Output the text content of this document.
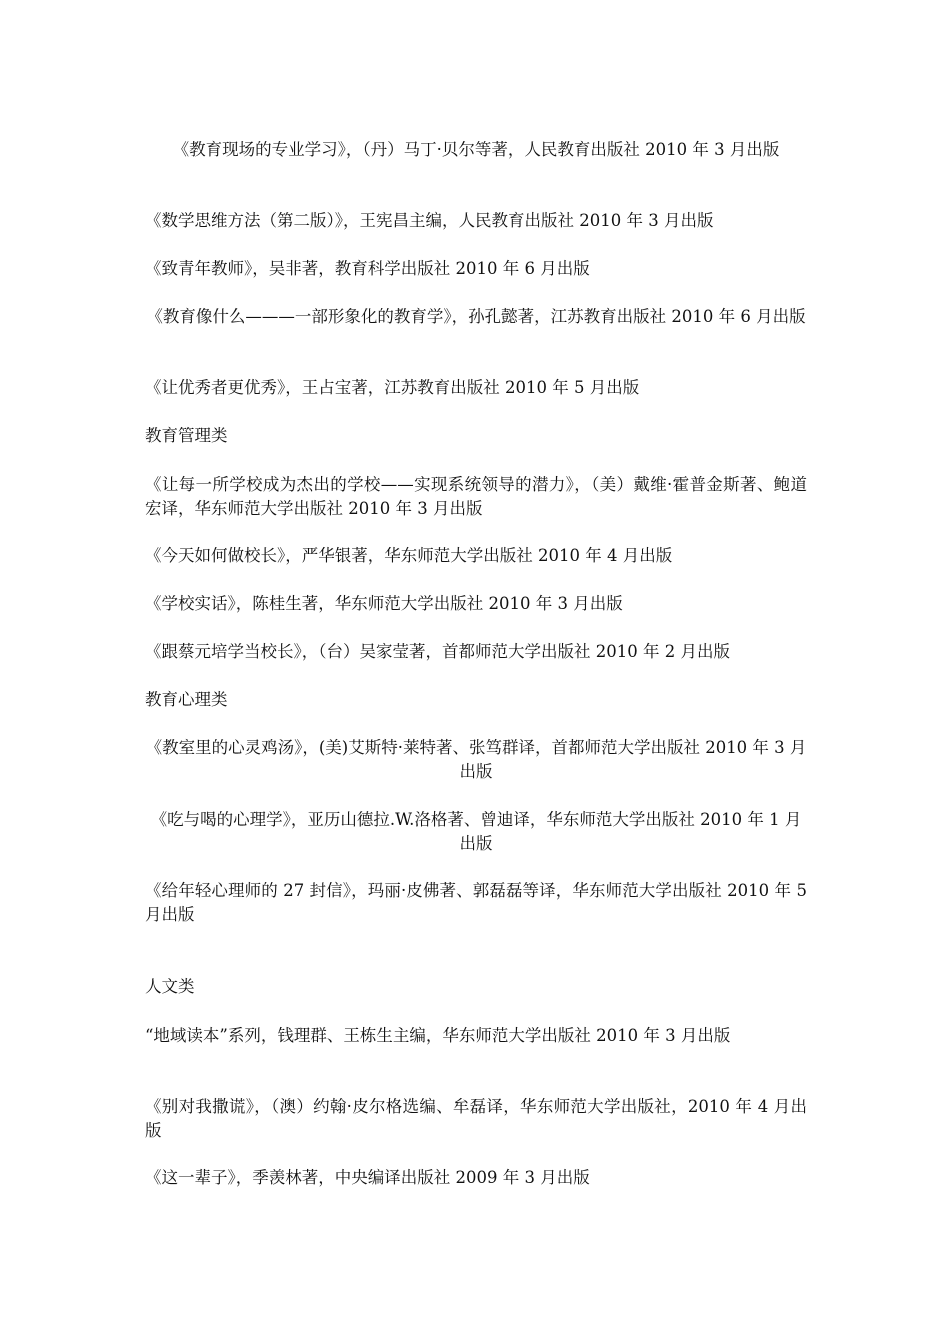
《教育现场的专业学习》，（丹）马丁·贝尔等著，人民教育出版社 2010 年 3 月出版

《数学思维方法（第二版）》，王宪昌主编，人民教育出版社 2010 年 3 月出版

《致青年教师》，吴非著，教育科学出版社 2010 年 6 月出版

《教育像什么———一部形象化的教育学》，孙孔懿著，江苏教育出版社 2010 年 6 月出版

《让优秀者更优秀》，王占宝著，江苏教育出版社 2010 年 5 月出版

教育管理类

《让每一所学校成为杰出的学校——实现系统领导的潜力》，（美）戴维·霍普金斯著、鲍道宏译，华东师范大学出版社 2010 年 3 月出版

《今天如何做校长》，严华银著，华东师范大学出版社 2010 年 4 月出版

《学校实话》，陈桂生著，华东师范大学出版社 2010 年 3 月出版

《跟蔡元培学当校长》，（台）吴家莹著，首都师范大学出版社 2010 年 2 月出版

教育心理类

《教室里的心灵鸡汤》，(美)艾斯特·莱特著、张笃群译，首都师范大学出版社 2010 年 3 月出版

《吃与喝的心理学》，亚历山德拉.W.洛格著、曾迪译，华东师范大学出版社 2010 年 1 月出版

《给年轻心理师的 27 封信》，玛丽·皮佛著、郭磊磊等译，华东师范大学出版社 2010 年 5 月出版

人文类

“地域读本”系列，钱理群、王栋生主编，华东师范大学出版社 2010 年 3 月出版

《别对我撒谎》，（澳）约翰·皮尔格选编、牟磊译，华东师范大学出版社，2010 年 4 月出版

《这一辈子》，季羡林著，中央编译出版社 2009 年 3 月出版
